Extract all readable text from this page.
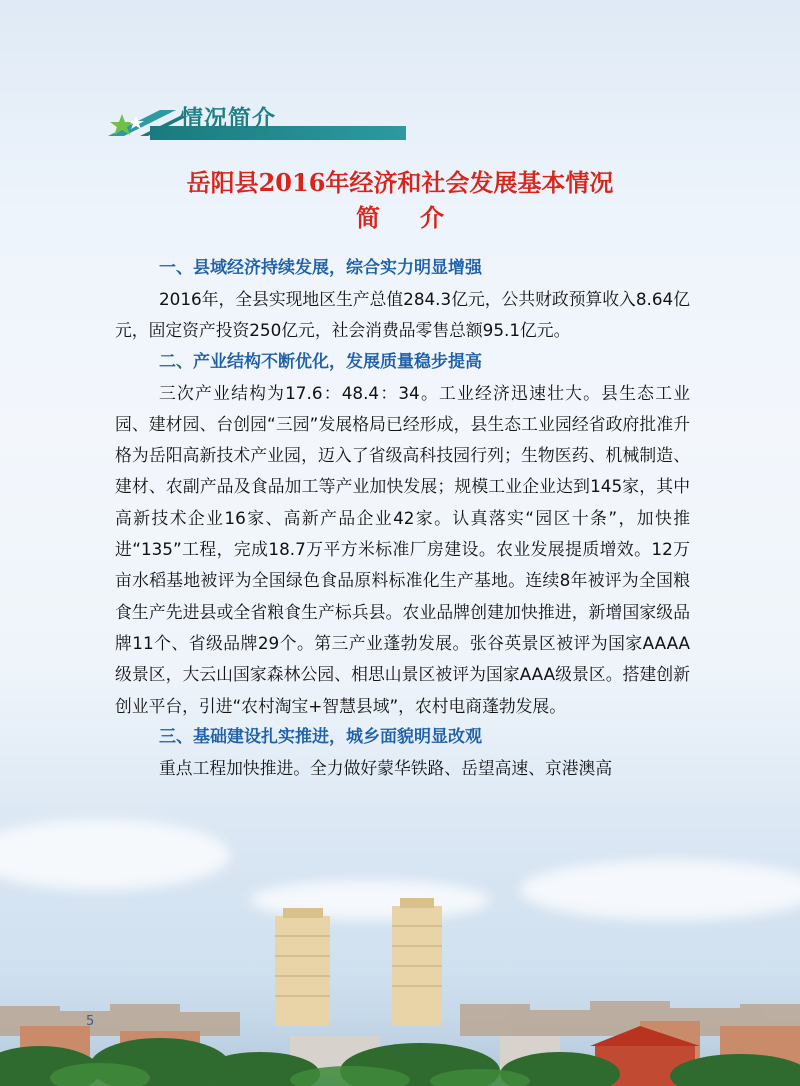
情况简介
岳阳县2016年经济和社会发展基本情况
简介

一、县域经济持续发展，综合实力明显增强

2016年，全县实现地区生产总值284.3亿元，公共财政预算收入8.64亿元，固定资产投资250亿元，社会消费品零售总额95.1亿元。

二、产业结构不断优化，发展质量稳步提高

三次产业结构为17.6：48.4：34。工业经济迅速壮大。县生态工业园、建材园、台创园“三园”发展格局已经形成，县生态工业园经省政府批准升格为岳阳高新技术产业园，迈入了省级高科技园行列；生物医药、机械制造、建材、农副产品及食品加工等产业加快发展；规模工业企业达到145家，其中高新技术企业16家、高新产品企业42家。认真落实“园区十条”，加快推进“135”工程，完成18.7万平方米标准厂房建设。农业发展提质增效。12万亩水稻基地被评为全国绿色食品原料标准化生产基地。连续8年被评为全国粮食生产先进县或全省粮食生产标兵县。农业品牌创建加快推进，新增国家级品牌11个、省级品牌29个。第三产业蓬勃发展。张谷英景区被评为国家AAAA级景区，大云山国家森林公园、相思山景区被评为国家AAA级景区。搭建创新创业平台，引进“农村淘宝+智慧县域”，农村电商蓬勃发展。

三、基础建设扎实推进，城乡面貌明显改观

重点工程加快推进。全力做好蒙华铁路、岳望高速、京港澳高

5
